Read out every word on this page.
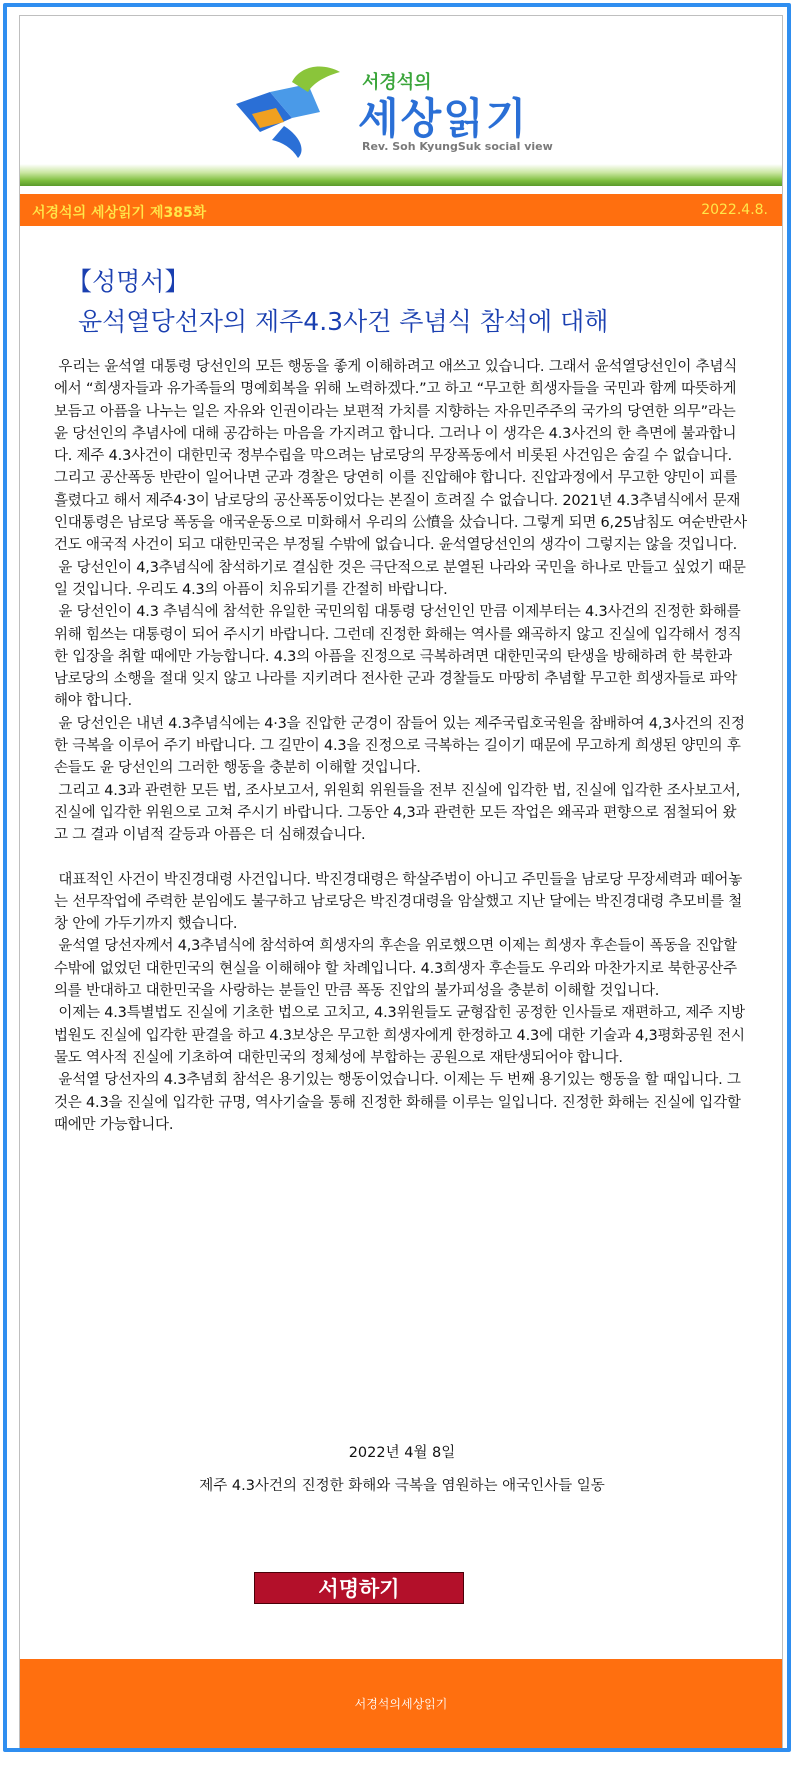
서경석의
세상읽기
Rev. Soh KyungSuk social view
서경석의 세상읽기 제385화	2022.4.8.
【성명서】
윤석열당선자의 제주4.3사건 추념식 참석에 대해

우리는 윤석열 대통령 당선인의 모든 행동을 좋게 이해하려고 애쓰고 있습니다. 그래서 윤석열당선인이 추념식에서 “희생자들과 유가족들의 명예회복을 위해 노력하겠다.”고 하고 “무고한 희생자들을 국민과 함께 따뜻하게 보듬고 아픔을 나누는 일은 자유와 인권이라는 보편적 가치를 지향하는 자유민주주의 국가의 당연한 의무”라는 윤 당선인의 추념사에 대해 공감하는 마음을 가지려고 합니다. 그러나 이 생각은 4.3사건의 한 측면에 불과합니다. 제주 4.3사건이 대한민국 정부수립을 막으려는 남로당의 무장폭동에서 비롯된 사건임은 숨길 수 없습니다. 그리고 공산폭동 반란이 일어나면 군과 경찰은 당연히 이를 진압해야 합니다. 진압과정에서 무고한 양민이 피를 흘렸다고 해서 제주4·3이 남로당의 공산폭동이었다는 본질이 흐려질 수 없습니다. 2021년 4.3추념식에서 문재인대통령은 남로당 폭동을 애국운동으로 미화해서 우리의 公憤을 샀습니다. 그렇게 되면 6,25남침도 여순반란사건도 애국적 사건이 되고 대한민국은 부정될 수밖에 없습니다. 윤석열당선인의 생각이 그렇지는 않을 것입니다.

윤 당선인이 4,3추념식에 참석하기로 결심한 것은 극단적으로 분열된 나라와 국민을 하나로 만들고 싶었기 때문일 것입니다. 우리도 4.3의 아픔이 치유되기를 간절히 바랍니다.

윤 당선인이 4.3 추념식에 참석한 유일한 국민의힘 대통령 당선인인 만큼 이제부터는 4.3사건의 진정한 화해를 위해 힘쓰는 대통령이 되어 주시기 바랍니다. 그런데 진정한 화해는 역사를 왜곡하지 않고 진실에 입각해서 정직한 입장을 취할 때에만 가능합니다. 4.3의 아픔을 진정으로 극복하려면 대한민국의 탄생을 방해하려 한 북한과 남로당의 소행을 절대 잊지 않고 나라를 지키려다 전사한 군과 경찰들도 마땅히 추념할 무고한 희생자들로 파악해야 합니다.

윤 당선인은 내년 4.3추념식에는 4·3을 진압한 군경이 잠들어 있는 제주국립호국원을 참배하여 4,3사건의 진정한 극복을 이루어 주기 바랍니다. 그 길만이 4.3을 진정으로 극복하는 길이기 때문에 무고하게 희생된 양민의 후손들도 윤 당선인의 그러한 행동을 충분히 이해할 것입니다.

그리고 4.3과 관련한 모든 법, 조사보고서, 위원회 위원들을 전부 진실에 입각한 법, 진실에 입각한 조사보고서, 진실에 입각한 위원으로 고쳐 주시기 바랍니다. 그동안 4,3과 관련한 모든 작업은 왜곡과 편향으로 점철되어 왔고 그 결과 이념적 갈등과 아픔은 더 심해졌습니다.

대표적인 사건이 박진경대령 사건입니다. 박진경대령은 학살주범이 아니고 주민들을 남로당 무장세력과 떼어놓는 선무작업에 주력한 분임에도 불구하고 남로당은 박진경대령을 암살했고 지난 달에는 박진경대령 추모비를 철창 안에 가두기까지 했습니다.

윤석열 당선자께서 4,3추념식에 참석하여 희생자의 후손을 위로했으면 이제는 희생자 후손들이 폭동을 진압할 수밖에 없었던 대한민국의 현실을 이해해야 할 차례입니다. 4.3희생자 후손들도 우리와 마찬가지로 북한공산주의를 반대하고 대한민국을 사랑하는 분들인 만큼 폭동 진압의 불가피성을 충분히 이해할 것입니다.

이제는 4.3특별법도 진실에 기초한 법으로 고치고, 4.3위원들도 균형잡힌 공정한 인사들로 재편하고, 제주 지방법원도 진실에 입각한 판결을 하고 4.3보상은 무고한 희생자에게 한정하고 4.3에 대한 기술과 4,3평화공원 전시물도 역사적 진실에 기초하여 대한민국의 정체성에 부합하는 공원으로 재탄생되어야 합니다.

윤석열 당선자의 4.3추념회 참석은 용기있는 행동이었습니다. 이제는 두 번째 용기있는 행동을 할 때입니다. 그것은 4.3을 진실에 입각한 규명, 역사기술을 통해 진정한 화해를 이루는 일입니다. 진정한 화해는 진실에 입각할 때에만 가능합니다.

2022년 4월 8일
제주 4.3사건의 진정한 화해와 극복을 염원하는 애국인사들 일동
서명하기
서경석의세상읽기
